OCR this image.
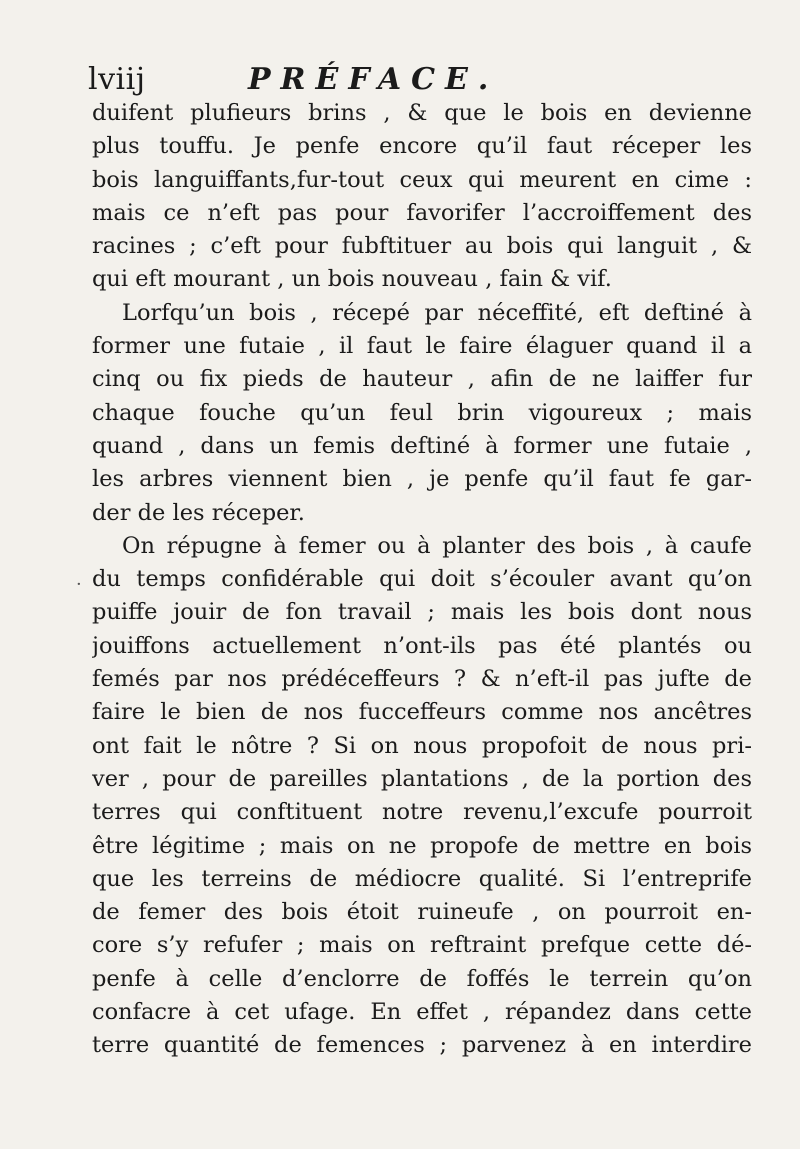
lviij	PRÉFACE.
·
duifent plufieurs brins , & que le bois en devienne
plus touffu. Je penfe encore qu’il faut réceper les
bois languiffants,fur-tout ceux qui meurent en cime :
mais ce n’eft pas pour favorifer l’accroiffement des
racines ; c’eft pour fubftituer au bois qui languit , &
qui eft mourant , un bois nouveau , fain & vif.
Lorfqu’un bois , récepé par néceffité, eft deftiné à
former une futaie , il faut le faire élaguer quand il a
cinq ou fix pieds de hauteur , afin de ne laiffer fur
chaque fouche qu’un feul brin vigoureux ; mais
quand , dans un femis deftiné à former une futaie ,
les arbres viennent bien , je penfe qu’il faut fe gar-
der de les réceper.
On répugne à femer ou à planter des bois , à caufe
du temps confidérable qui doit s’écouler avant qu’on
puiffe jouir de fon travail ; mais les bois dont nous
jouiffons actuellement n’ont-ils pas été plantés ou
femés par nos prédéceffeurs ? & n’eft-il pas jufte de
faire le bien de nos fucceffeurs comme nos ancêtres
ont fait le nôtre ? Si on nous propofoit de nous pri-
ver , pour de pareilles plantations , de la portion des
terres qui conftituent notre revenu,l’excufe pourroit
être légitime ; mais on ne propofe de mettre en bois
que les terreins de médiocre qualité. Si l’entreprife
de femer des bois étoit ruineufe , on pourroit en-
core s’y refufer ; mais on reftraint prefque cette dé-
penfe à celle d’enclorre de foffés le terrein qu’on
confacre à cet ufage. En effet , répandez dans cette
terre quantité de femences ; parvenez à en interdire
